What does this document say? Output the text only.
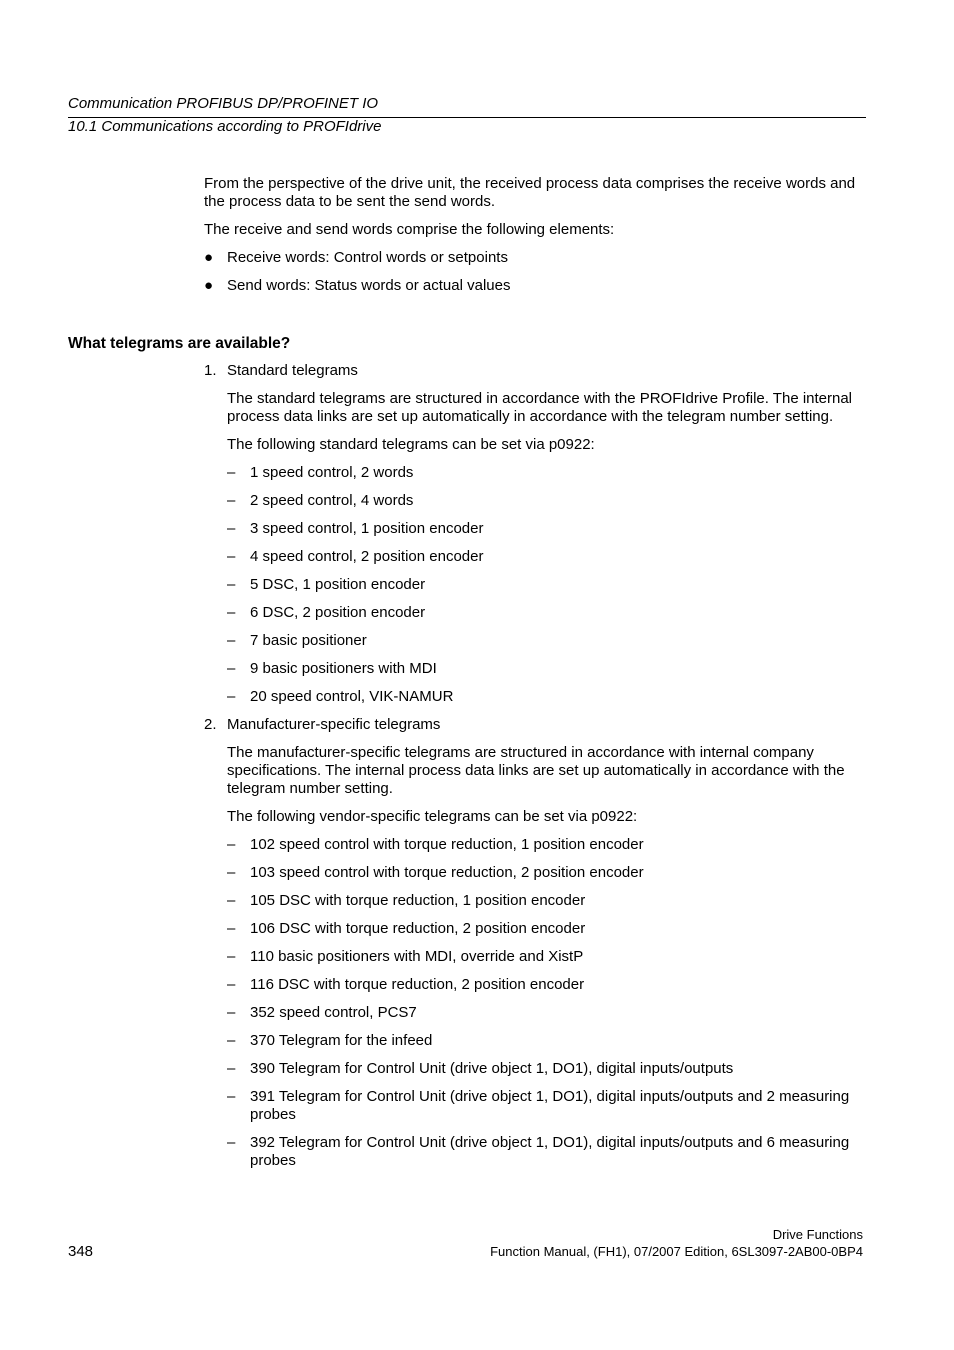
Communication PROFIBUS DP/PROFINET IO
10.1 Communications according to PROFIdrive

From the perspective of the drive unit, the received process data comprises the receive words and the process data to be sent the send words.

The receive and send words comprise the following elements:

● Receive words: Control words or setpoints
● Send words: Status words or actual values
What telegrams are available?
1. Standard telegrams

The standard telegrams are structured in accordance with the PROFIdrive Profile. The internal process data links are set up automatically in accordance with the telegram number setting.

The following standard telegrams can be set via p0922:

– 1 speed control, 2 words
– 2 speed control, 4 words
– 3 speed control, 1 position encoder
– 4 speed control, 2 position encoder
– 5 DSC, 1 position encoder
– 6 DSC, 2 position encoder
– 7 basic positioner
– 9 basic positioners with MDI
– 20 speed control, VIK-NAMUR
2. Manufacturer-specific telegrams

The manufacturer-specific telegrams are structured in accordance with internal company specifications. The internal process data links are set up automatically in accordance with the telegram number setting.

The following vendor-specific telegrams can be set via p0922:

– 102 speed control with torque reduction, 1 position encoder
– 103 speed control with torque reduction, 2 position encoder
– 105 DSC with torque reduction, 1 position encoder
– 106 DSC with torque reduction, 2 position encoder
– 110 basic positioners with MDI, override and XistP
– 116 DSC with torque reduction, 2 position encoder
– 352 speed control, PCS7
– 370 Telegram for the infeed
– 390 Telegram for Control Unit (drive object 1, DO1), digital inputs/outputs
– 391 Telegram for Control Unit (drive object 1, DO1), digital inputs/outputs and 2 measuring probes
– 392 Telegram for Control Unit (drive object 1, DO1), digital inputs/outputs and 6 measuring probes
348
Drive Functions
Function Manual, (FH1), 07/2007 Edition, 6SL3097-2AB00-0BP4
